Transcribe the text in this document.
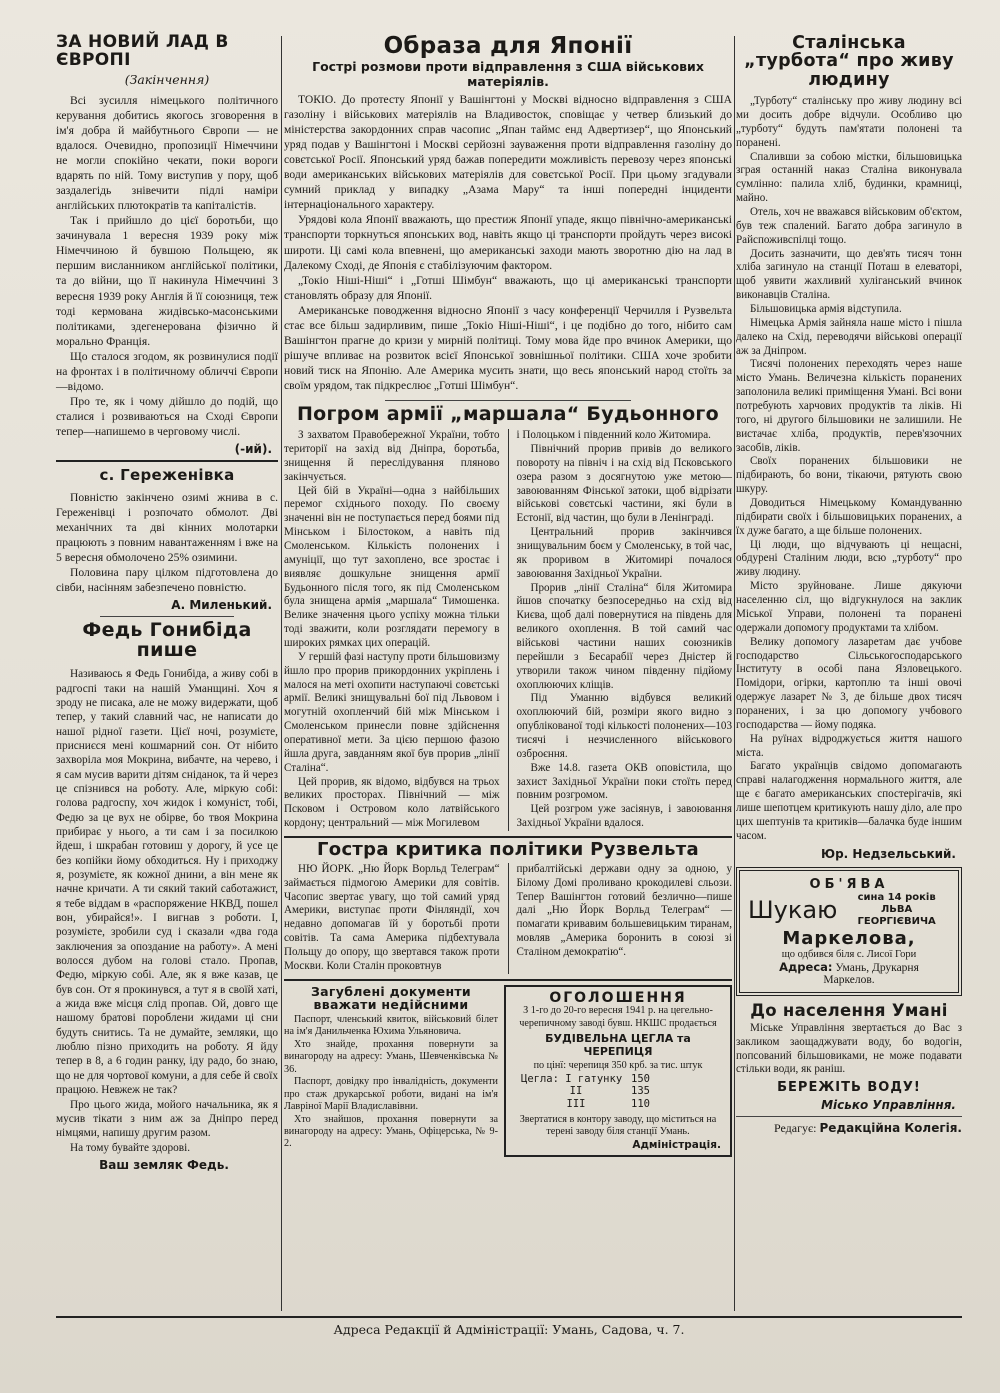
ЗА НОВИЙ ЛАД В ЄВРОПІ
(Закінчення)

Всі зусилля німецького політичного керування добитись якогось зговорення в ім'я добра й майбутнього Європи — не вдалося. Очевидно, пропозиції Німеччини не могли спокійно чекати, поки вороги вдарять по ній. Тому виступив у пору, щоб заздалегідь знівечити підлі наміри англійських плютократів та капіталістів.

Так і прийшло до цієї боротьби, що зачинувала 1 вересня 1939 року між Німеччиною й бувшою Польщею, як першим висланником англійської політики, та до війни, що її накинула Німеччині 3 вересня 1939 року Англія й її союзниця, теж тоді кермована жидівсько-масонськими політиками, здегенерована фізично й морально Франція.

Що сталося згодом, як розвинулися події на фронтах і в політичному обличчі Європи—відомо.

Про те, як і чому дійшло до подій, що сталися і розвиваються на Сході Європи тепер—напишемо в черговому числі.

(-ий).
с. Гереженівка

Повністю закінчено озимі жнива в с. Гереженівці і розпочато обмолот. Дві механічних та дві кінних молотарки працюють з повним навантаженням і вже на 5 вересня обмолочено 25% озимини.

Половина пару цілком підготовлена до сівби, насінням забезпечено повністю.

А. Миленький.
Федь Гонибіда пише

Називаюсь я Федь Гонибіда, а живу собі в радгоспі таки на нашій Уманщині. Хоч я зроду не писака, але не можу видержати, щоб тепер, у такий славний час, не написати до нашої рідної газети. Цієї ночі, розумієте, присниєся мені кошмарний сон. От нібито захворіла моя Мокрина, вибачте, на черево, і я сам мусив варити дітям сніданок, та й через це спізнився на роботу. Але, міркую собі: голова радгоспу, хоч жидок і комуніст, тобі, Федю за це вух не обірве, бо твоя Мокрина прибирає у нього, а ти сам і за посилкою йдеш, і шкрабан готовиш у дорогу, й усе це без копійки йому обходиться. Ну і приходжу я, розумієте, як кожної днини, а він мене як начне кричати. А ти сякий такий саботажист, я тебе віддам в «распоряжение НКВД, пошел вон, убирайся!». І вигнав з роботи. І, розумієте, зробили суд і сказали «два года заключения за опоздание на работу». А мені волосся дубом на голові стало. Пропав, Федю, міркую собі. Але, як я вже казав, це був сон. От я прокинувся, а тут я в своїй хаті, а жида вже місця слід пропав. Ой, довго ще нашому братові пороблени жидами ці сни будуть снитись. Та не думайте, земляки, що люблю пізно приходить на роботу. Я йду тепер в 8, а 6 годин ранку, іду радо, бо знаю, що не для чортової комуни, а для себе й своїх працюю. Невжеж не так?

Про цього жида, мойого начальника, як я мусив тікати з ним аж за Дніпро перед німцями, напишу другим разом.

На тому бувайте здорові.

Ваш земляк Федь.
Образа для Японії
Гострі розмови проти відправлення з США військових матеріялів.

ТОКІО. До протесту Японії у Вашінгтоні у Москві відносно відправлення з США газоліну і військових матеріялів на Владивосток, сповіщає у четвер близький до міністерства закордонних справ часопис „Япан таймс енд Адвертизер“, що Японський уряд подав у Вашінгтоні і Москві серйозні зауваження проти відправлення газоліну до совєтської Росії. Японський уряд бажав попередити можливість перевозу через японські води американських військових матеріялів для совєтської Росії. При цьому згадували сумний приклад у випадку „Азама Мару“ та інші попередні інциденти інтернаціонального характеру.

Урядові кола Японії вважають, що престиж Японії упаде, якщо північно-американські транспорти торкнуться японських вод, навіть якщо ці транспорти пройдуть через високі широти. Ці самі кола впевнені, що американські заходи мають зворотню дію на лад в Далекому Сході, де Японія є стабілізуючим фактором.

„Токіо Ніші-Ніші“ і „Готші Шімбун“ вважають, що ці американські транспорти становлять образу для Японії.

Американське поводження відносно Японії з часу конференції Черчилля і Рузвельта стає все більш задирливим, пише „Токіо Ніші-Ніші“, і це подібно до того, нібито сам Вашінгтон прагне до кризи у мирній політиці. Тому мова йде про вчинок Америки, що рішуче впливає на розвиток всієї Японської зовнішньої політики. США хоче зробити новий тиск на Японію. Але Америка мусить знати, що весь японський народ стоїть за своїм урядом, так підкреслює „Готші Шімбун“.

Погром армії „маршала“ Будьонного

З захватом Правобережної України, тобто території на захід від Дніпра, боротьба, знищення й переслідування пляново закінчується.

Цей бій в Україні—одна з найбільших перемог східнього походу. По своєму значенні він не поступається перед боями під Мінськом і Білостоком, а навіть під Смоленськом. Кількість полонених і амуніції, що тут захоплено, все зростає і виявляє дошкульне знищення армії Будьонного після того, як під Смоленськом була знищена армія „маршала“ Тимошенка. Велике значення цього успіху можна тільки тоді зважити, коли розглядати перемогу в широких рямках цих операцій.

У гершій фазі наступу проти більшовизму йшло про прорив прикордонних укріплень і малося на меті охопити наступаючі совєтські армії. Великі знищувальні бої під Львовом і могутній охопленчий бій між Мінськом і Смоленськом принесли повне здійснення оперативної мети. За цією першою фазою йшла друга, завданням якої був прорив „лінії Сталіна“.

Цей прорив, як відомо, відбувся на трьох великих просторах. Північний — між Псковом і Островом коло латвійського кордону; центральний — між Могилевом

і Полоцьком і південний коло Житомира.

Північний прорив привів до великого повороту на північ і на схід від Псковського озера разом з досягнутою уже метою—завоюванням Фінської затоки, щоб відрізати військові совєтські частини, які були в Естонії, від частин, що були в Ленінграді.

Центральний прорив закінчився знищувальним боєм у Смоленську, в той час, як проривом в Житомирі почалося завоювання Західньої України.

Прорив „лінії Сталіна“ біля Житомира йшов спочатку безпосередньо на схід від Києва, щоб далі повернутися на південь для великого охоплення. В той самий час військові частини наших союзників перейшли з Бесарабії через Дністер й утворили також чином південну підйому охоплюючих кліщів.

Під Уманню відбувся великий охоплюючий бій, розміри якого видно з опублікованої тоді кількості полонених—103 тисячі і незчисленного військового озброєння.

Вже 14.8. газета ОКВ оповістила, що захист Західньої України поки стоїть перед повним розгромом.

Цей розгром уже засіянув, і завоювання Західньої України вдалося.

Гостра критика політики Рузвельта

НЮ ЙОРК. „Ню Йорк Ворльд Телеграм“ займається підмогою Америки для совітів. Часопис звертає увагу, що той самий уряд Америки, виступає проти Фінляндії, хоч недавно допомагав їй у боротьбі проти совітів. Та сама Америка підбехтувала Польщу до опору, що звертався також проти Москви. Коли Сталін проковтнув

прибалтійські держави одну за одною, у Білому Домі проливано крокодилеві сльози. Тепер Вашінгтон готовий безлично—пише далі „Ню Йорк Ворльд Телеграм“ — помагати кривавим большевицьким тиранам, мовляв „Америка боронить в союзі зі Сталіном демократію“.

Загублені документи вважати недійсними

Паспорт, членський квиток, військовий білет на ім'я Данильченка Юхима Ульяновича.

Хто знайде, прохання повернути за винагороду на адресу: Умань, Шевченківська № 36.

Паспорт, довідку про інвалідність, документи про стаж друкарської роботи, видані на ім'я Лавріної Марії Владиславівни.

Хто знайшов, прохання повернути за винагороду на адресу: Умань, Офіцерська, № 9-2.

ОГОЛОШЕННЯ

З 1-го до 20-го вересня 1941 р. на цегельно-черепичному заводі бувш. НКШС продається

БУДІВЕЛЬНА ЦЕГЛА та ЧЕРЕПИЦЯ

по цінї: черепиця 350 крб. за тис. штук

Цегла: І гатунку 150
ІІ	135
ІІІ	110

Звертатися в контору заводу, що міститься на терені заводу біля станції Умань.

Адміністрація.
Сталінська „турбота“ про живу людину

„Турботу“ сталінську про живу людину всі ми досить добре відчули. Особливо цю „турботу“ будуть пам'ятати полонені та пораненi.

Спаливши за собою містки, більшовицька зграя останній наказ Сталіна виконувала сумлінно: палила хліб, будинки, крамниці, майно.

Отель, хоч не вважався військовим об'єктом, був теж спалений. Багато добра загинуло в Райспоживспілці тощо.

Досить зазначити, що дев'ять тисяч тонн хліба загинуло на станції Поташ в елеваторі, щоб уявити жахливий хуліганський вчинок виконавців Сталіна.

Більшовицька армія відступила.

Німецька Армія зайняла наше місто і пішла далеко на Схід, переводячи військові операції аж за Дніпром.

Тисячі полонених переходять через наше місто Умань. Величезна кількість поранених заполонила великі приміщення Умані. Всі вони потребують харчових продуктів та ліків. Ні того, ні другого більшовики не залишили. Не вистачає хліба, продуктів, перев'язочних засобів, ліків.

Своїх поранених більшовики не підбирають, бо вони, тікаючи, рятують свою шкуру.

Доводиться Німецькому Командуванню підбирати своїх і більшовицьких поранених, а їх дуже багато, а ще більше полонених.

Ці люди, що відчувають ці нещасні, обдурені Сталіним люди, всю „турботу“ про живу людину.

Місто зруйноване. Лише дякуючи населенню сіл, що відгукнулося на заклик Міської Управи, полонені та поранені одержали допомогу продуктами та хлібом.

Велику допомогу лазаретам дає учбове господарство Сільськогосподарського Інституту в особі пана Язловецького. Помідори, огірки, картоплю та інші овочі одержує лазарет № 3, де більше двох тисяч поранених, і за цю допомогу учбового господарства — йому подяка.

На руїнах відроджується життя нашого міста.

Багато українців свідомо допомагають справі налагодження нормального життя, але ще є багато американських спостерігачів, які лише шепотцем критикують нашу діло, але про цих шептунів та критиків—балачка буде іншим часом.

Юр. Недзельський.
ОБ'ЯВА
Шукаю	сина 14 років
ЛЬВА ГЕОРГІЄВИЧА
Маркелова,
що одбився біля с. Лисої Гори
Адреса: Умань, Друкарня
Маркелов.
До населення Умані

Міське Управління звертається до Вас з закликом заощаджувати воду, бо водогін, попсований більшовиками, не може подавати стільки води, як раніш.

БЕРЕЖІТЬ ВОДУ!
Місько Управління.
Редагує: Редакційна Колегія.
Адреса Редакції й Адміністрації: Умань, Садова, ч. 7.
